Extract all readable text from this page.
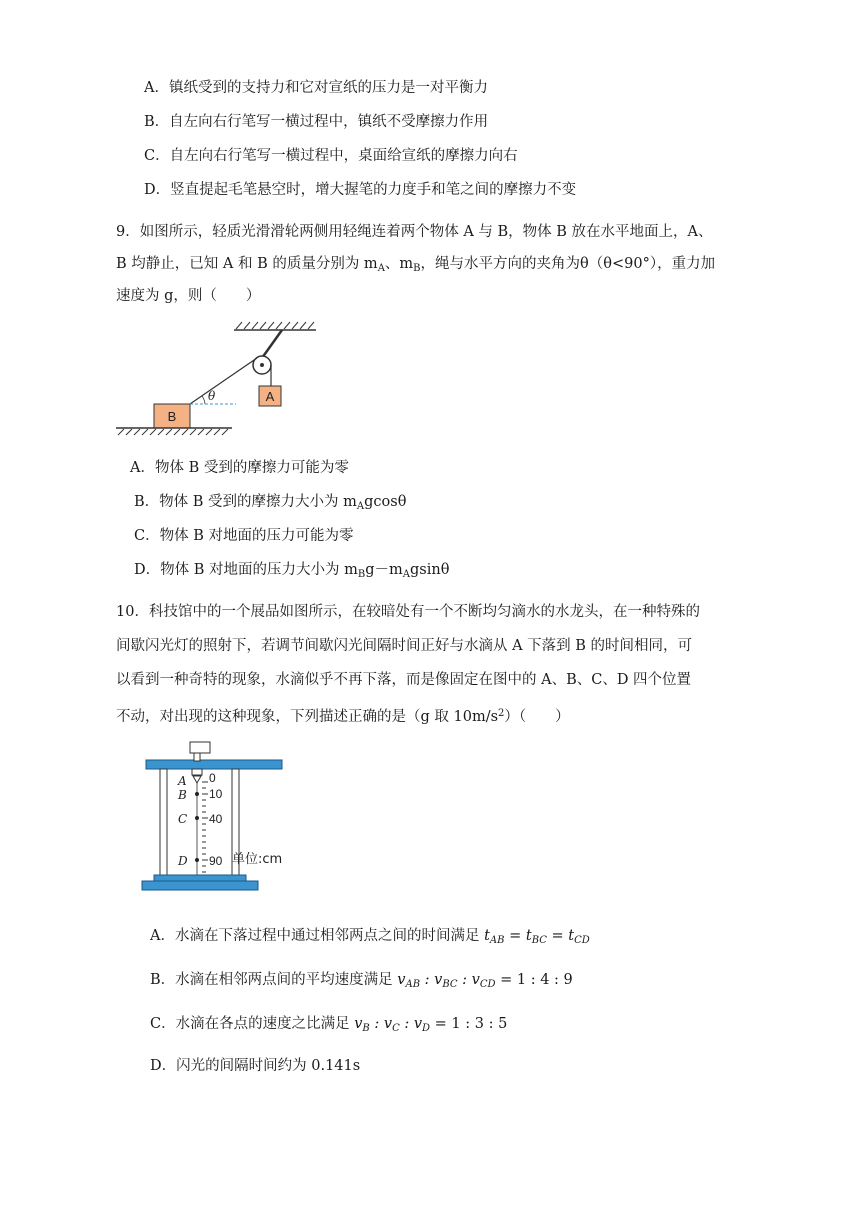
A．镇纸受到的支持力和它对宣纸的压力是一对平衡力
B．自左向右行笔写一横过程中，镇纸不受摩擦力作用
C．自左向右行笔写一横过程中，桌面给宣纸的摩擦力向右
D．竖直提起毛笔悬空时，增大握笔的力度手和笔之间的摩擦力不变
9．如图所示，轻质光滑滑轮两侧用轻绳连着两个物体 A 与 B，物体 B 放在水平地面上，A、
B 均静止，已知 A 和 B 的质量分别为 $m_A$、$m_B$，绳与水平方向的夹角为θ（θ<90°），重力加
速度为 g，则（　　）
A
B
θ
A．物体 B 受到的摩擦力可能为零
B．物体 B 受到的摩擦力大小为 $m_Agcos\theta$
C．物体 B 对地面的压力可能为零
D．物体 B 对地面的压力大小为 $m_Bg-m_Agsin\theta$
10．科技馆中的一个展品如图所示，在较暗处有一个不断均匀滴水的水龙头，在一种特殊的
间歇闪光灯的照射下，若调节间歇闪光间隔时间正好与水滴从 A 下落到 B 的时间相同，可
以看到一种奇特的现象，水滴似乎不再下落，而是像固定在图中的 A、B、C、D 四个位置
不动，对出现的这种现象，下列描述正确的是（g 取 $10m/s^2$）（　　）
A
B
C
D
0
10
40
90 单位:cm
A．水滴在下落过程中通过相邻两点之间的时间满足 $t_{AB} = t_{BC} = t_{CD}$
B．水滴在相邻两点间的平均速度满足 $v_{AB}$ : $v_{BC}$ : $v_{CD} = 1$ : 4 : 9
C．水滴在各点的速度之比满足 $v_B$ : $v_C$ : $v_D = 1$ : 3 : 5
D．闪光的间隔时间约为 0.141s
